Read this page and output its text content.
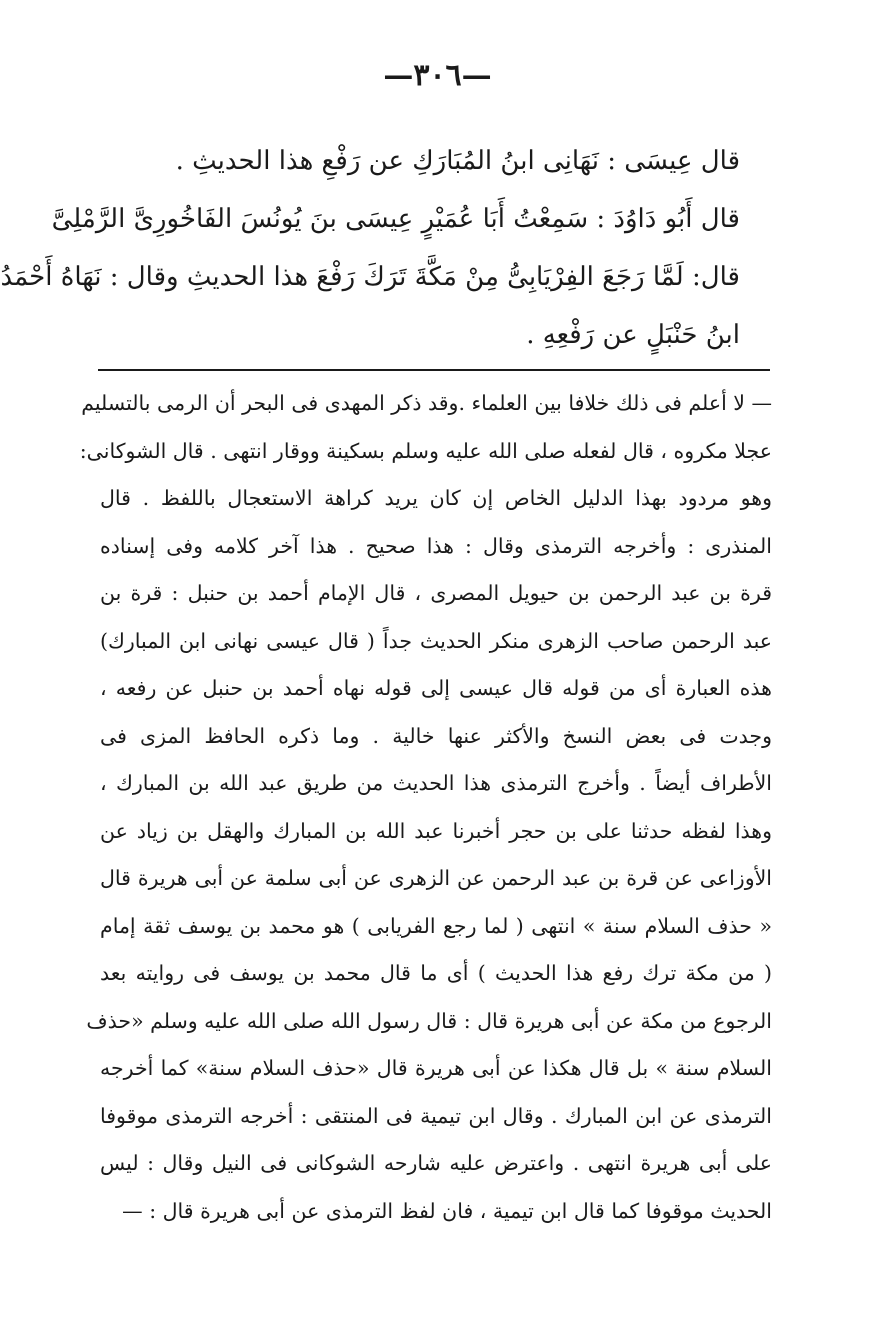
—٣٠٦—

قال عِيسَى : نَهَانِى ابنُ المُبَارَكِ عن رَفْعِ هذا الحديثِ .

قال أَبُو دَاوُدَ : سَمِعْتُ أَبَا عُمَيْرٍ عِيسَى بنَ يُونُسَ الفَاخُورِىَّ الرَّمْلِىَّ

قال: لَمَّا رَجَعَ الفِرْيَابِىُّ مِنْ مَكَّةَ تَرَكَ رَفْعَ هذا الحديثِ وقال : نَهَاهُ أَحْمَدُ

ابنُ حَنْبَلٍ عن رَفْعِهِ .

— لا أعلم فى ذلك خلافا بين العلماء .وقد ذكر المهدى فى البحر أن الرمى بالتسليم
عجلا مكروه ، قال لفعله صلى الله عليه وسلم بسكينة ووقار انتهى . قال الشوكانى:
وهو مردود بهذا الدليل الخاص إن كان يريد كراهة الاستعجال باللفظ . قال
المنذرى : وأخرجه الترمذى وقال : هذا صحيح . هذا آخر كلامه وفى إسناده
قرة بن عبد الرحمن بن حيويل المصرى ، قال الإمام أحمد بن حنبل : قرة بن
عبد الرحمن صاحب الزهرى منكر الحديث جداً ( قال عيسى نهانى ابن المبارك)
هذه العبارة أى من قوله قال عيسى إلى قوله نهاه أحمد بن حنبل عن رفعه ،
وجدت فى بعض النسخ والأكثر عنها خالية . وما ذكره الحافظ المزى فى
الأطراف أيضاً . وأخرج الترمذى هذا الحديث من طريق عبد الله بن المبارك ،
وهذا لفظه حدثنا على بن حجر أخبرنا عبد الله بن المبارك والهقل بن زياد عن
الأوزاعى عن قرة بن عبد الرحمن عن الزهرى عن أبى سلمة عن أبى هريرة قال
« حذف السلام سنة » انتهى ( لما رجع الفريابى ) هو محمد بن يوسف ثقة إمام
( من مكة ترك رفع هذا الحديث ) أى ما قال محمد بن يوسف فى روايته بعد
الرجوع من مكة عن أبى هريرة قال : قال رسول الله صلى الله عليه وسلم «حذف
السلام سنة » بل قال هكذا عن أبى هريرة قال «حذف السلام سنة» كما أخرجه
الترمذى عن ابن المبارك . وقال ابن تيمية فى المنتقى : أخرجه الترمذى موقوفا
على أبى هريرة انتهى . واعترض عليه شارحه الشوكانى فى النيل وقال : ليس
الحديث موقوفا كما قال ابن تيمية ، فان لفظ الترمذى عن أبى هريرة قال : —
